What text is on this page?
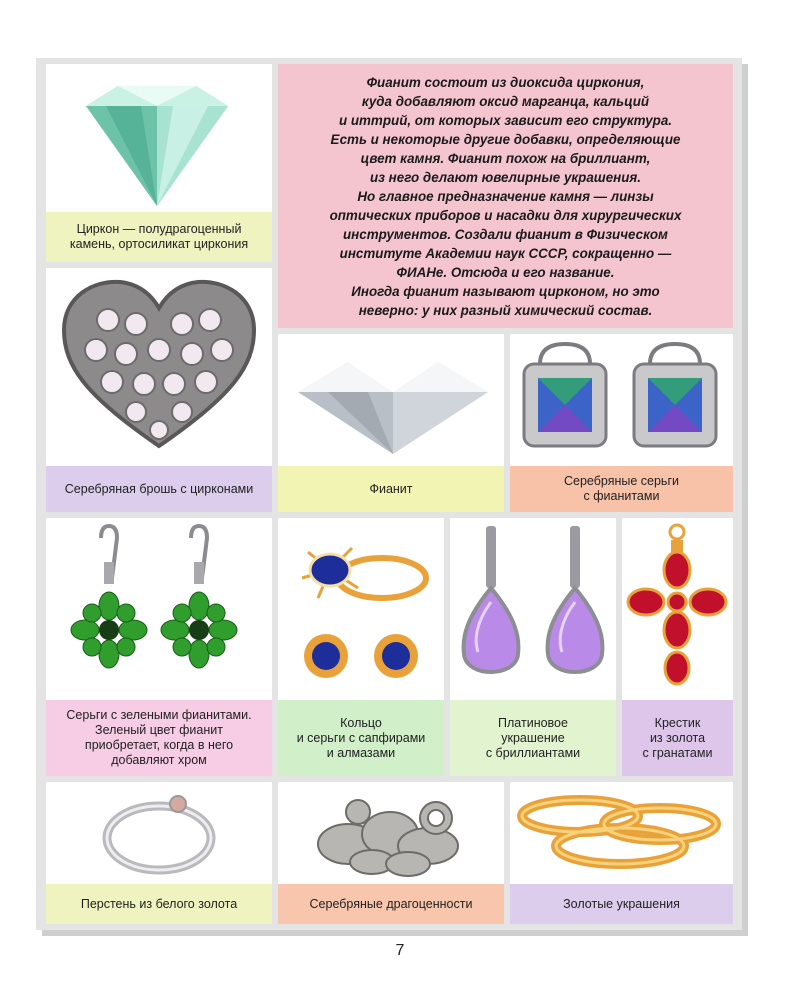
Циркон — полудрагоценный
камень, ортосиликат циркония
Фианит состоит из диоксида циркония,
куда добавляют оксид марганца, кальций
и иттрий, от которых зависит его структура.
Есть и некоторые другие добавки, определяющие
цвет камня. Фианит похож на бриллиант,
из него делают ювелирные украшения.
Но главное предназначение камня — линзы
оптических приборов и насадки для хирургических
инструментов. Создали фианит в Физическом
институте Академии наук СССР, сокращенно —
ФИАНе. Отсюда и его название.
Иногда фианит называют цирконом, но это
неверно: у них разный химический состав.
Серебряная брошь с цирконами	Фианит
Серебряные серьги
с фианитами
Серьги с зелеными фианитами.
Зеленый цвет фианит
приобретает, когда в него
добавляют хром
Кольцо
и серьги с сапфирами
и алмазами
Платиновое
украшение
с бриллиантами
Крестик
из золота
с гранатами
Перстень из белого золота	Серебряные драгоценности	Золотые украшения
7
